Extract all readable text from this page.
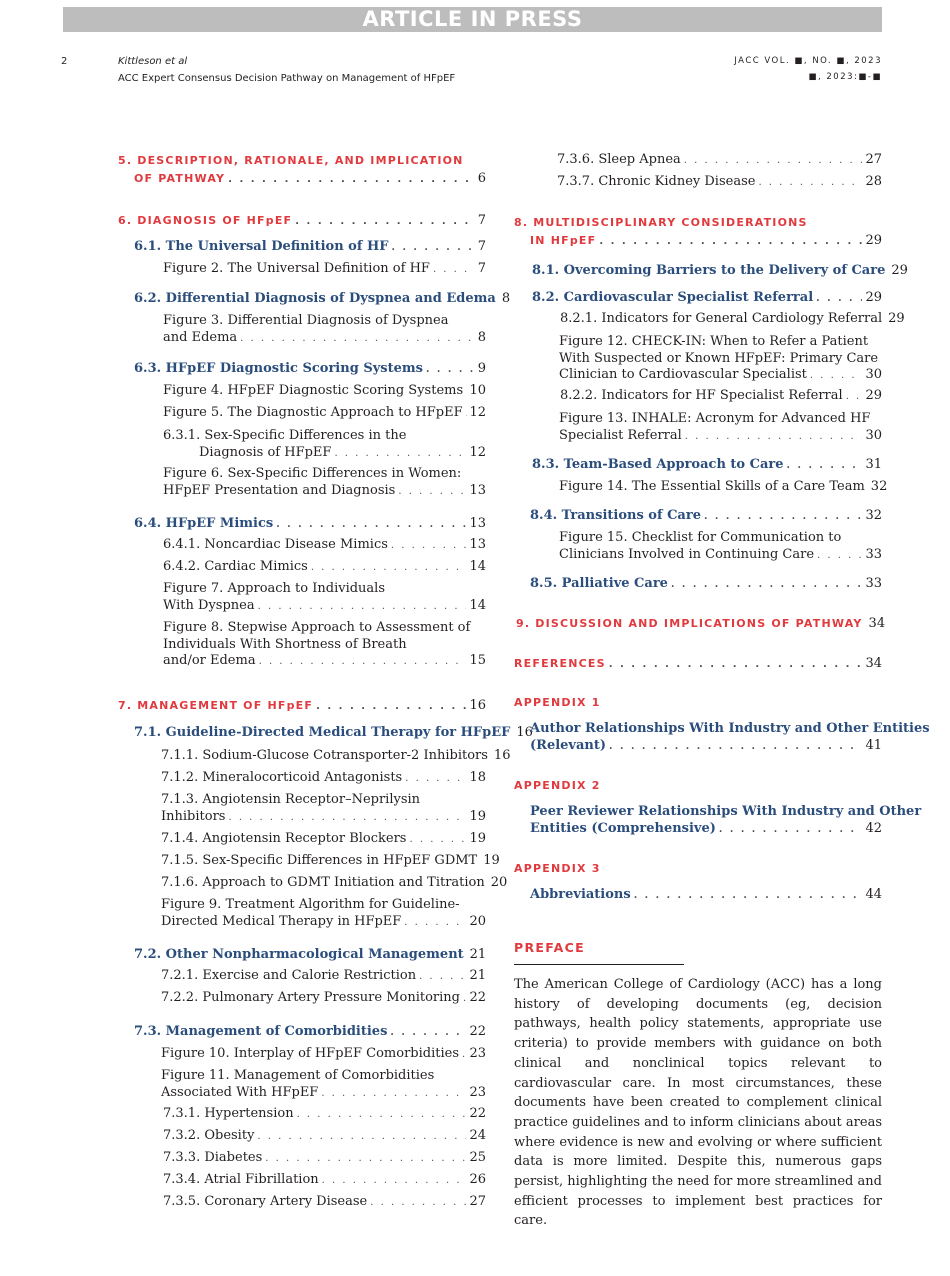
ARTICLE IN PRESS
2	Kittleson et al
ACC Expert Consensus Decision Pathway on Management of HFpEF
JACC VOL. ■, NO. ■, 2023
■, 2023:■-■
5. DESCRIPTION, RATIONALE, AND IMPLICATION
OF PATHWAY . . .	6
6. DIAGNOSIS OF HFpEF . . .	7
6.1. The Universal Definition of HF . . .	7
Figure 2. The Universal Definition of HF . . .	7
6.2. Differential Diagnosis of Dyspnea and Edema 8
Figure 3. Differential Diagnosis of Dyspnea
and Edema . . .	8
6.3. HFpEF Diagnostic Scoring Systems . . .	9
Figure 4. HFpEF Diagnostic Scoring Systems . . . 10
Figure 5. The Diagnostic Approach to HFpEF . . . 12
6.3.1. Sex-Specific Differences in the
Diagnosis of HFpEF . . .	12
Figure 6. Sex-Specific Differences in Women:
HFpEF Presentation and Diagnosis . . .	13
6.4. HFpEF Mimics . . .	13
6.4.1. Noncardiac Disease Mimics . . .	13
6.4.2. Cardiac Mimics . . .	14
Figure 7. Approach to Individuals
With Dyspnea . . .	14
Figure 8. Stepwise Approach to Assessment of
Individuals With Shortness of Breath
and/or Edema . . .	15
7. MANAGEMENT OF HFpEF . . .	16
7.1. Guideline-Directed Medical Therapy for HFpEF 16
7.1.1. Sodium-Glucose Cotransporter-2 Inhibitors 16
7.1.2. Mineralocorticoid Antagonists . . .	18
7.1.3. Angiotensin Receptor–Neprilysin
Inhibitors . . .	19
7.1.4. Angiotensin Receptor Blockers . . .	19
7.1.5. Sex-Specific Differences in HFpEF GDMT 19
7.1.6. Approach to GDMT Initiation and Titration 20
Figure 9. Treatment Algorithm for Guideline-
Directed Medical Therapy in HFpEF . . .	20
7.2. Other Nonpharmacological Management 21
7.2.1. Exercise and Calorie Restriction . . .	21
7.2.2. Pulmonary Artery Pressure Monitoring . . . 22
7.3. Management of Comorbidities . . .	22
Figure 10. Interplay of HFpEF Comorbidities . . . 23
Figure 11. Management of Comorbidities
Associated With HFpEF . . .	23
7.3.1. Hypertension . . .	22
7.3.2. Obesity . . .	24
7.3.3. Diabetes . . .	25
7.3.4. Atrial Fibrillation . . .	26
7.3.5. Coronary Artery Disease . . .	27
7.3.6. Sleep Apnea . . .	27
7.3.7. Chronic Kidney Disease . . .	28
8. MULTIDISCIPLINARY CONSIDERATIONS
IN HFpEF . . .	29
8.1. Overcoming Barriers to the Delivery of Care 29
8.2. Cardiovascular Specialist Referral . . .	29
8.2.1. Indicators for General Cardiology Referral 29
Figure 12. CHECK-IN: When to Refer a Patient
With Suspected or Known HFpEF: Primary Care
Clinician to Cardiovascular Specialist . . .	30
8.2.2. Indicators for HF Specialist Referral . . . 29
Figure 13. INHALE: Acronym for Advanced HF
Specialist Referral . . .	30
8.3. Team-Based Approach to Care . . .	31
Figure 14. The Essential Skills of a Care Team 32
8.4. Transitions of Care . . .	32
Figure 15. Checklist for Communication to
Clinicians Involved in Continuing Care . . .	33
8.5. Palliative Care . . .	33
9. DISCUSSION AND IMPLICATIONS OF PATHWAY 34
REFERENCES . . .	34
APPENDIX 1
Author Relationships With Industry and Other Entities
(Relevant) . . .	41
APPENDIX 2
Peer Reviewer Relationships With Industry and Other
Entities (Comprehensive) . . .	42
APPENDIX 3
Abbreviations . . .	44
PREFACE
The American College of Cardiology (ACC) has a long history of developing documents (eg, decision pathways, health policy statements, appropriate use criteria) to provide members with guidance on both clinical and nonclinical topics relevant to cardiovascular care. In most circumstances, these documents have been created to complement clinical practice guidelines and to inform clinicians about areas where evidence is new and evolving or where sufficient data is more limited. Despite this, numerous gaps persist, highlighting the need for more streamlined and efficient processes to implement best practices for care.
